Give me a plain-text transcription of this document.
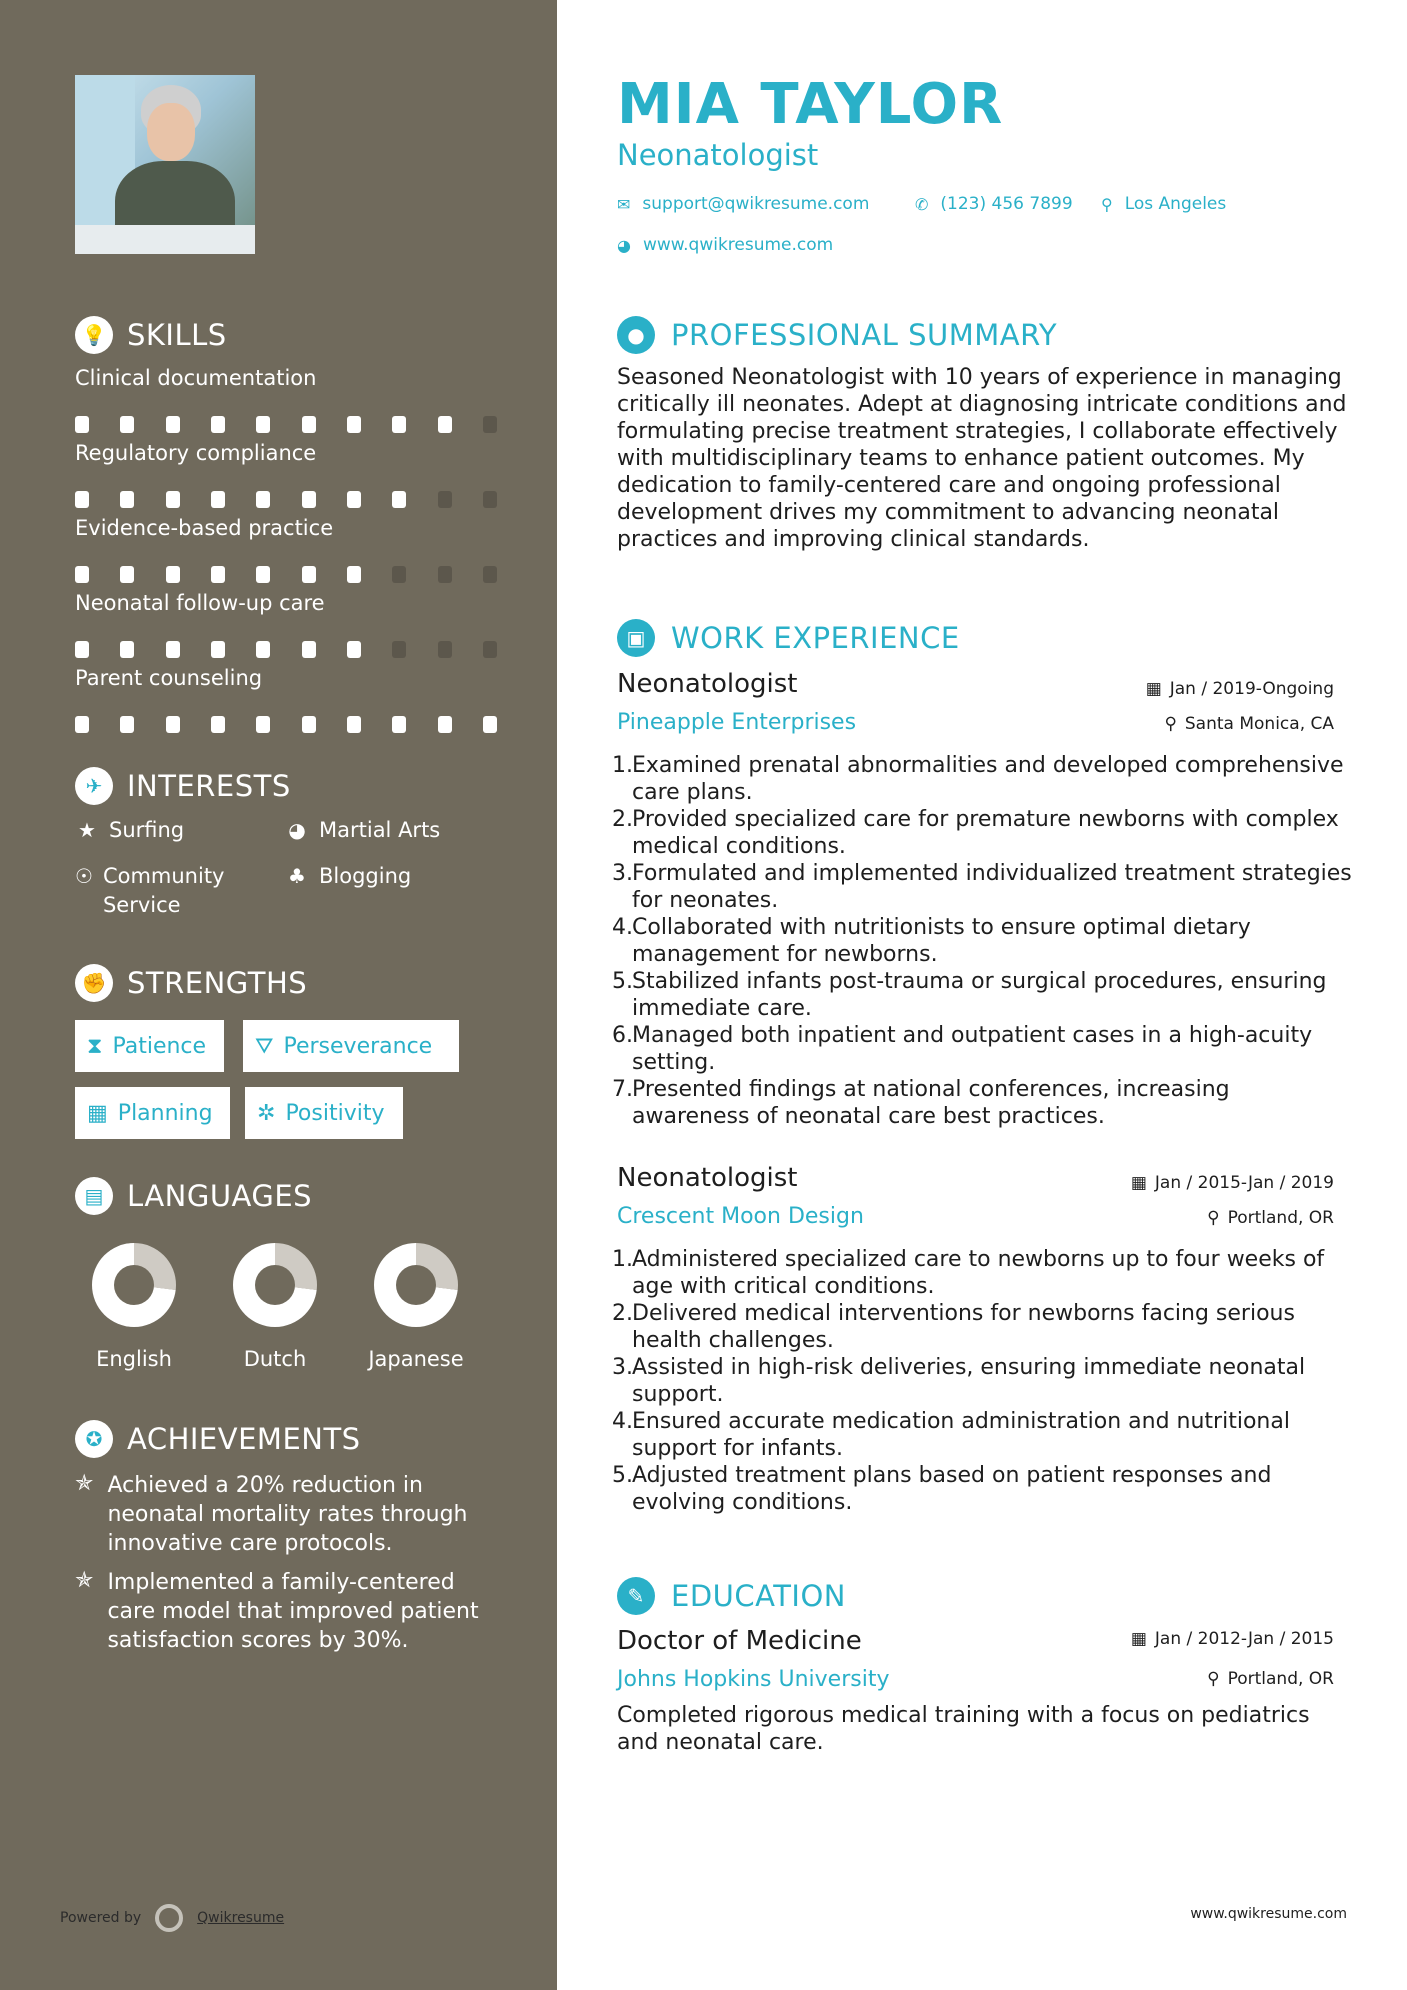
💡 SKILLS
Clinical documentation
Regulatory compliance
Evidence-based practice
Neonatal follow-up care
Parent counseling
✈ INTERESTS
★ Surfing	◕ Martial Arts
☉ Community Service
♣ Blogging
✊ STRENGTHS
⧗ Patience ⛛ Perseverance
▦ Planning ✲ Positivity
▤ LANGUAGES
English	Dutch	Japanese
✪ ACHIEVEMENTS
✯ Achieved a 20% reduction in neonatal mortality rates through innovative care protocols.
✯ Implemented a family-centered care model that improved patient satisfaction scores by 30%.
Powered by	Qwikresume
MIA TAYLOR
Neonatologist
✉ support@qwikresume.com	✆ (123) 456 7899 ⚲ Los Angeles
◕ www.qwikresume.com
● PROFESSIONAL SUMMARY
Seasoned Neonatologist with 10 years of experience in managing critically ill neonates. Adept at diagnosing intricate conditions and formulating precise treatment strategies, I collaborate effectively with multidisciplinary teams to enhance patient outcomes. My dedication to family-centered care and ongoing professional development drives my commitment to advancing neonatal practices and improving clinical standards.
▣ WORK EXPERIENCE
Neonatologist	▦ Jan / 2019-Ongoing
Pineapple Enterprises	⚲ Santa Monica, CA
1. Examined prenatal abnormalities and developed comprehensive care plans.
2. Provided specialized care for premature newborns with complex medical conditions.
3. Formulated and implemented individualized treatment strategies for neonates.
4. Collaborated with nutritionists to ensure optimal dietary management for newborns.
5. Stabilized infants post-trauma or surgical procedures, ensuring immediate care.
6. Managed both inpatient and outpatient cases in a high-acuity setting.
7. Presented findings at national conferences, increasing awareness of neonatal care best practices.
Neonatologist	▦ Jan / 2015-Jan / 2019
Crescent Moon Design	⚲ Portland, OR
1. Administered specialized care to newborns up to four weeks of age with critical conditions.
2. Delivered medical interventions for newborns facing serious health challenges.
3. Assisted in high-risk deliveries, ensuring immediate neonatal support.
4. Ensured accurate medication administration and nutritional support for infants.
5. Adjusted treatment plans based on patient responses and evolving conditions.
✎ EDUCATION
Doctor of Medicine	▦ Jan / 2012-Jan / 2015
Johns Hopkins University	⚲ Portland, OR
Completed rigorous medical training with a focus on pediatrics and neonatal care.
www.qwikresume.com
